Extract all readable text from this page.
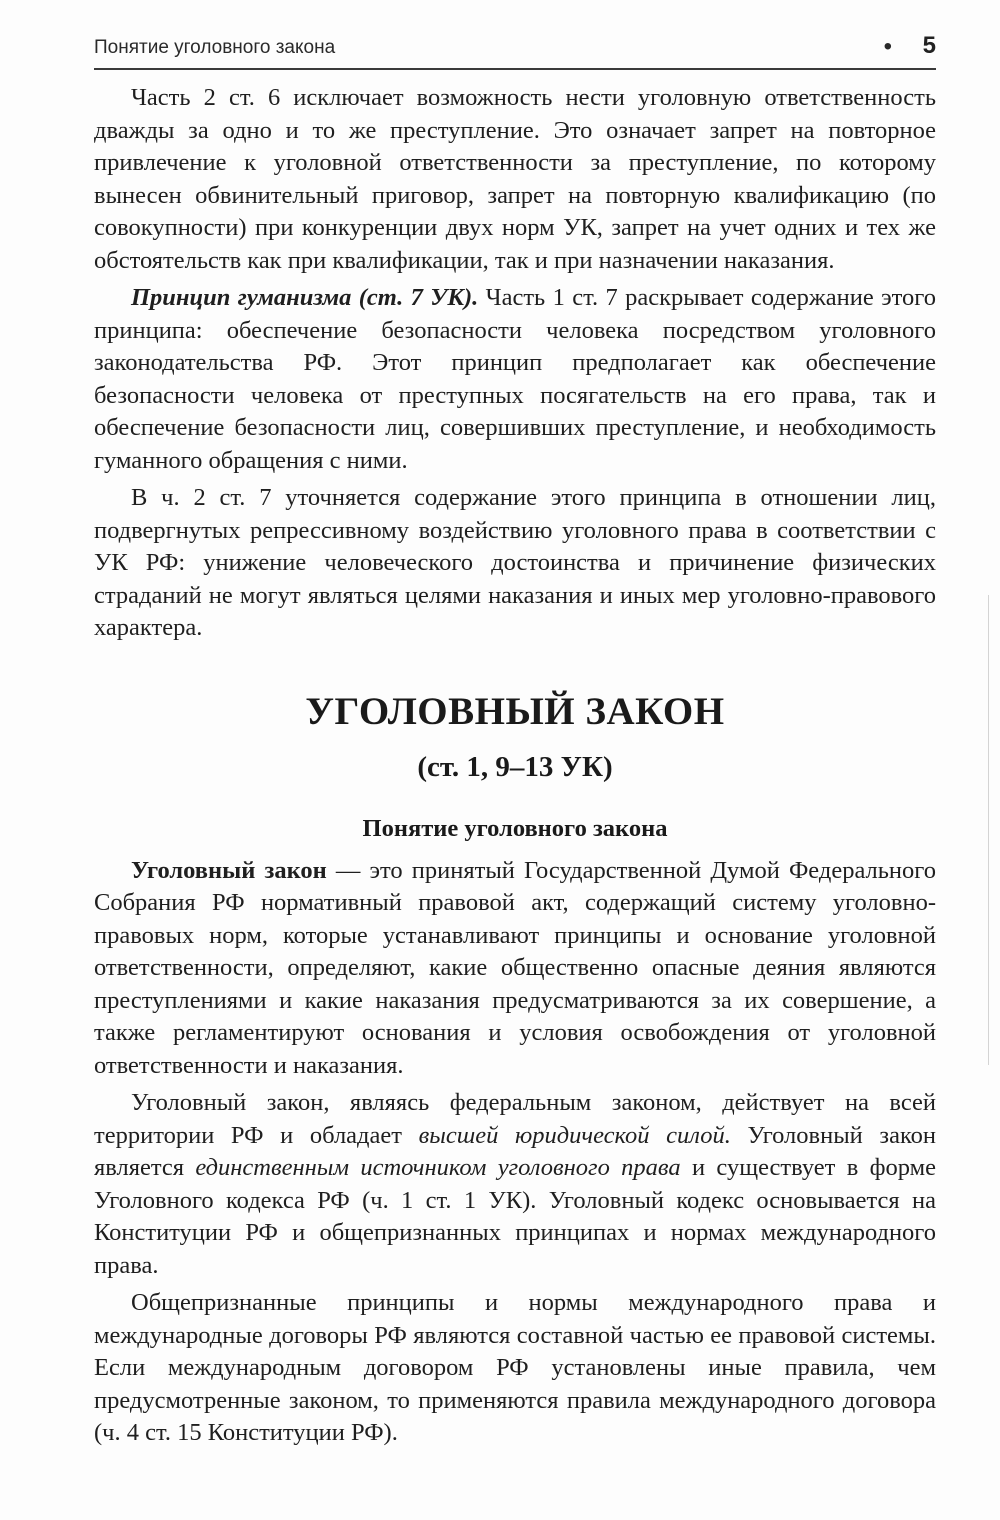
Понятие уголовного закона	• 5

Часть 2 ст. 6 исключает возможность нести уголовную ответственность дважды за одно и то же преступление. Это означает запрет на повторное привлечение к уголовной ответственности за преступление, по которому вынесен обвинительный приговор, запрет на повторную квалификацию (по совокупности) при конкуренции двух норм УК, запрет на учет одних и тех же обстоятельств как при квалификации, так и при назначении наказания.

Принцип гуманизма (ст. 7 УК). Часть 1 ст. 7 раскрывает содержание этого принципа: обеспечение безопасности человека посредством уголовного законодательства РФ. Этот принцип предполагает как обеспечение безопасности человека от преступных посягательств на его права, так и обеспечение безопасности лиц, совершивших преступление, и необходимость гуманного обращения с ними.

В ч. 2 ст. 7 уточняется содержание этого принципа в отношении лиц, подвергнутых репрессивному воздействию уголовного права в соответствии с УК РФ: унижение человеческого достоинства и причинение физических страданий не могут являться целями наказания и иных мер уголовно-правового характера.

УГОЛОВНЫЙ ЗАКОН
(ст. 1, 9–13 УК)
Понятие уголовного закона

Уголовный закон — это принятый Государственной Думой Федерального Собрания РФ нормативный правовой акт, содержащий систему уголовно-правовых норм, которые устанавливают принципы и основание уголовной ответственности, определяют, какие общественно опасные деяния являются преступлениями и какие наказания предусматриваются за их совершение, а также регламентируют основания и условия освобождения от уголовной ответственности и наказания.

Уголовный закон, являясь федеральным законом, действует на всей территории РФ и обладает высшей юридической силой. Уголовный закон является единственным источником уголовного права и существует в форме Уголовного кодекса РФ (ч. 1 ст. 1 УК). Уголовный кодекс основывается на Конституции РФ и общепризнанных принципах и нормах международного права.

Общепризнанные принципы и нормы международного права и международные договоры РФ являются составной частью ее правовой системы. Если международным договором РФ установлены иные правила, чем предусмотренные законом, то применяются правила международного договора (ч. 4 ст. 15 Конституции РФ).
